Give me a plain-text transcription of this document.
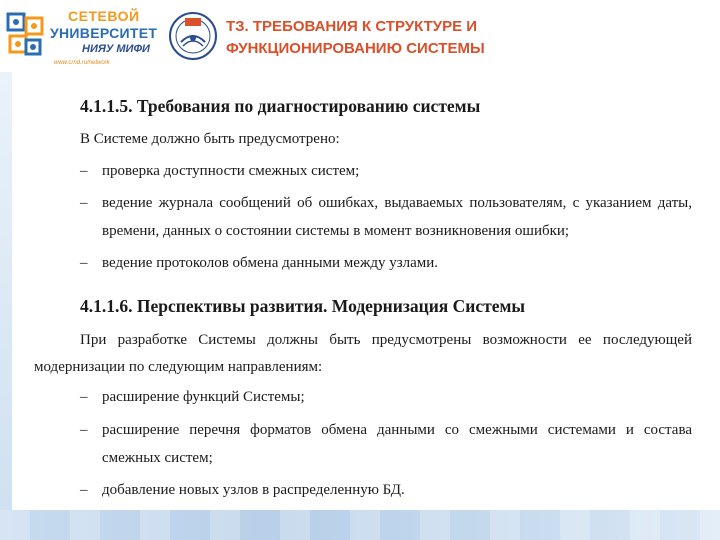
СЕТЕВОЙ
УНИВЕРСИТЕТ
НИЯУ МИФИ
www.crnd.ru/network
ТЗ. ТРЕБОВАНИЯ К СТРУКТУРЕ И
ФУНКЦИОНИРОВАНИЮ СИСТЕМЫ
4.1.1.5. Требования по диагностированию системы
В Системе должно быть предусмотрено:
– проверка доступности смежных систем;
– ведение журнала сообщений об ошибках, выдаваемых пользователям, с указанием даты,
времени, данных о состоянии системы в момент возникновения ошибки;
– ведение протоколов обмена данными между узлами.
4.1.1.6. Перспективы развития. Модернизация Системы
При разработке Системы должны быть предусмотрены возможности ее последующей
модернизации по следующим направлениям:
– расширение функций Системы;
– расширение перечня форматов обмена данными со смежными системами и состава
смежных систем;
– добавление новых узлов в распределенную БД.
